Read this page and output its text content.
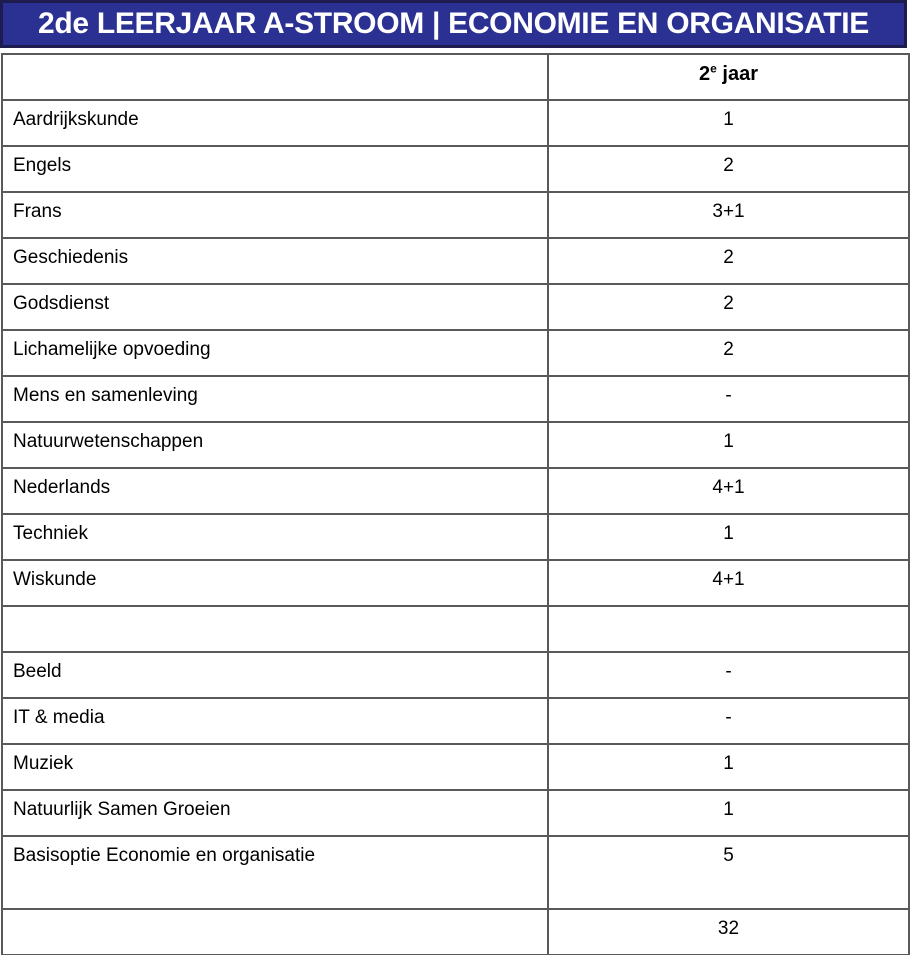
2de LEERJAAR A-STROOM | ECONOMIE EN ORGANISATIE
	2e jaar
Aardrijkskunde	1
Engels	2
Frans	3+1
Geschiedenis	2
Godsdienst	2
Lichamelijke opvoeding	2
Mens en samenleving	-
Natuurwetenschappen	1
Nederlands	4+1
Techniek	1
Wiskunde	4+1

Beeld	-
IT & media	-
Muziek	1
Natuurlijk Samen Groeien	1
Basisoptie Economie en organisatie	5
	32
